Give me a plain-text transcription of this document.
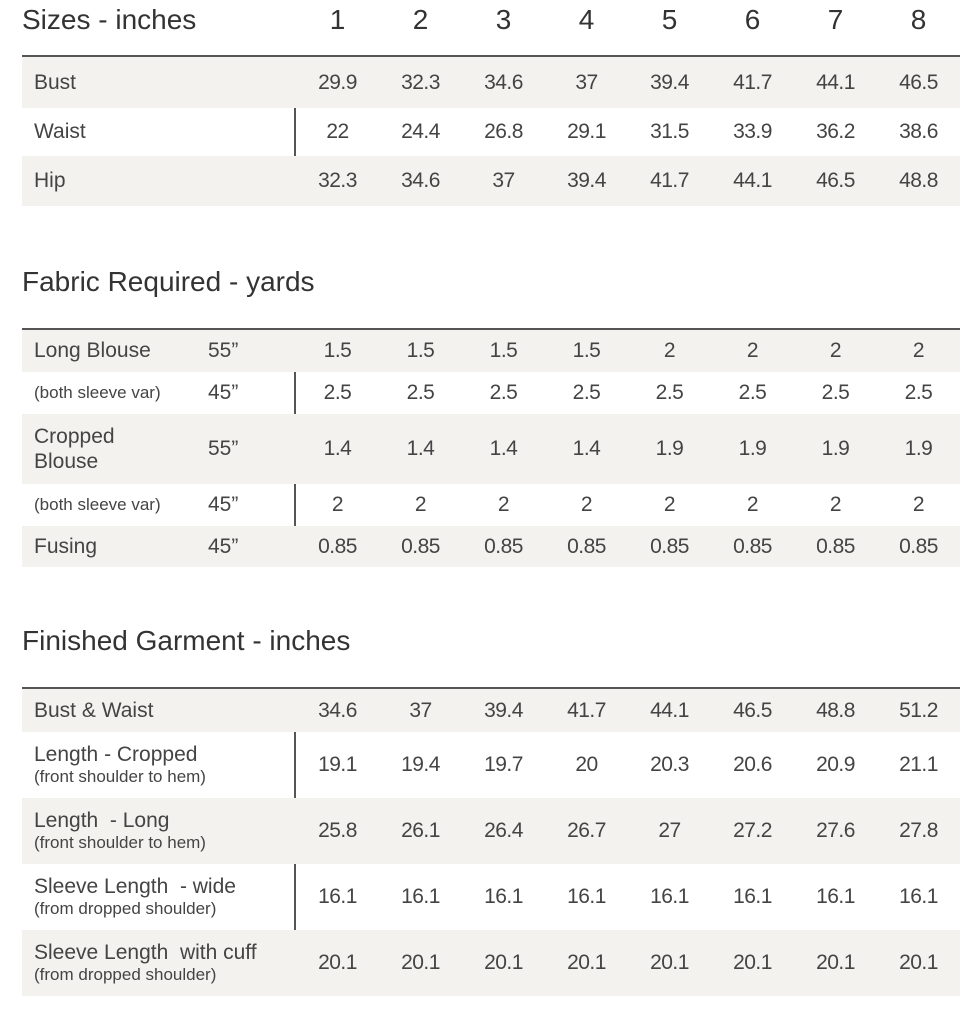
Sizes - inches	1	2	3	4	5	6	7	8
Bust	29.9	32.3	34.6	37	39.4	41.7	44.1	46.5
Waist	22	24.4	26.8	29.1	31.5	33.9	36.2	38.6
Hip	32.3	34.6	37	39.4	41.7	44.1	46.5	48.8
Fabric Required - yards
Long Blouse	55”	1.5	1.5	1.5	1.5	2	2	2	2
(both sleeve var) 45”	2.5	2.5	2.5	2.5	2.5	2.5	2.5	2.5
Cropped
Blouse
55”	1.4	1.4	1.4	1.4	1.9	1.9	1.9	1.9
(both sleeve var) 45”	2	2	2	2	2	2	2	2
Fusing	45”	0.85	0.85	0.85	0.85	0.85	0.85	0.85	0.85
Finished Garment - inches
Bust & Waist	34.6	37	39.4	41.7	44.1	46.5	48.8	51.2
Length - Cropped
(front shoulder to hem)
19.1	19.4	19.7	20	20.3	20.6	20.9	21.1
Length  - Long
(front shoulder to hem)
25.8	26.1	26.4	26.7	27	27.2	27.6	27.8
Sleeve Length  - wide
(from dropped shoulder)
16.1	16.1	16.1	16.1	16.1	16.1	16.1	16.1
Sleeve Length  with cuff
(from dropped shoulder)
20.1	20.1	20.1	20.1	20.1	20.1	20.1	20.1
